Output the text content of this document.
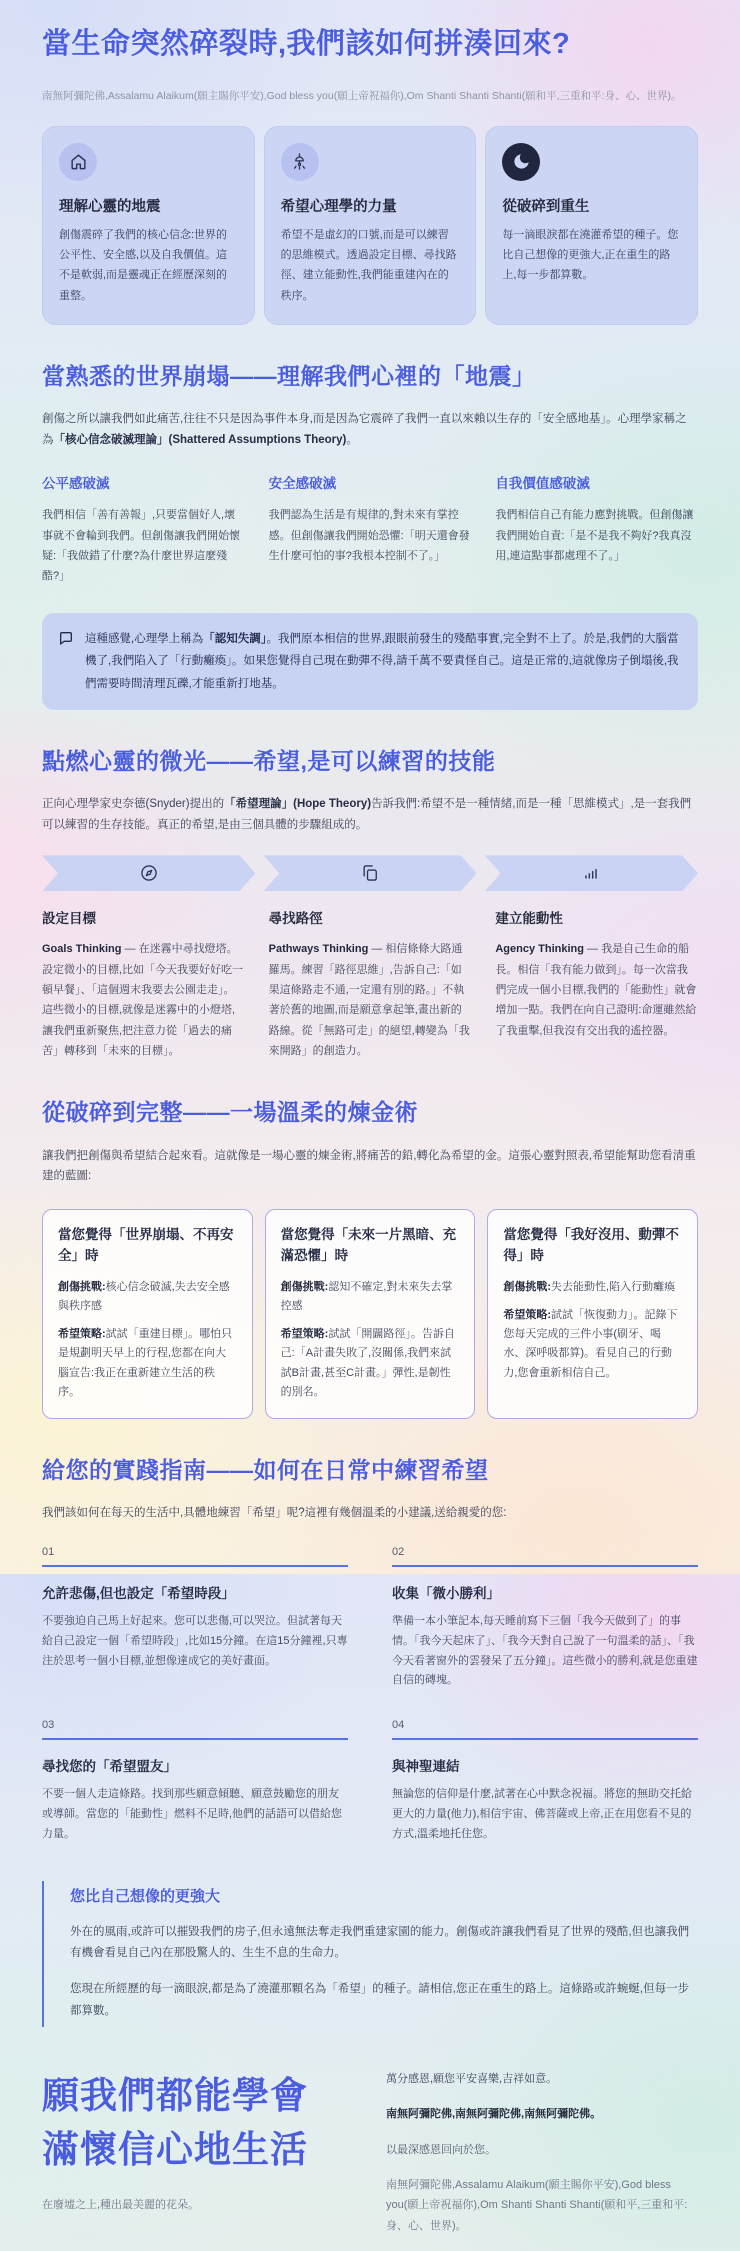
當生命突然碎裂時,我們該如何拼湊回來?

南無阿彌陀佛,Assalamu Alaikum(願主賜你平安),God bless you(願上帝祝福你),Om Shanti Shanti Shanti(願和平,三重和平:身、心、世界)。

理解心靈的地震

創傷震碎了我們的核心信念:世界的公平性、安全感,以及自我價值。這不是軟弱,而是靈魂正在經歷深刻的重整。

希望心理學的力量

希望不是虛幻的口號,而是可以練習的思維模式。透過設定目標、尋找路徑、建立能動性,我們能重建內在的秩序。

從破碎到重生

每一滴眼淚都在澆灌希望的種子。您比自己想像的更強大,正在重生的路上,每一步都算數。

當熟悉的世界崩塌——理解我們心裡的「地震」

創傷之所以讓我們如此痛苦,往往不只是因為事件本身,而是因為它震碎了我們一直以來賴以生存的「安全感地基」。心理學家稱之為「核心信念破滅理論」(Shattered Assumptions Theory)。

公平感破滅

我們相信「善有善報」,只要當個好人,壞事就不會輪到我們。但創傷讓我們開始懷疑:「我做錯了什麼?為什麼世界這麼殘酷?」

安全感破滅

我們認為生活是有規律的,對未來有掌控感。但創傷讓我們開始恐懼:「明天還會發生什麼可怕的事?我根本控制不了。」

自我價值感破滅

我們相信自己有能力應對挑戰。但創傷讓我們開始自責:「是不是我不夠好?我真沒用,連這點事都處理不了。」

這種感覺,心理學上稱為「認知失調」。我們原本相信的世界,跟眼前發生的殘酷事實,完全對不上了。於是,我們的大腦當機了,我們陷入了「行動癱瘓」。如果您覺得自己現在動彈不得,請千萬不要責怪自己。這是正常的,這就像房子倒塌後,我們需要時間清理瓦礫,才能重新打地基。

點燃心靈的微光——希望,是可以練習的技能

正向心理學家史奈德(Snyder)提出的「希望理論」(Hope Theory)告訴我們:希望不是一種情緒,而是一種「思維模式」,是一套我們可以練習的生存技能。真正的希望,是由三個具體的步驟組成的。

設定目標

Goals Thinking — 在迷霧中尋找燈塔。設定微小的目標,比如「今天我要好好吃一頓早餐」、「這個週末我要去公園走走」。這些微小的目標,就像是迷霧中的小燈塔,讓我們重新聚焦,把注意力從「過去的痛苦」轉移到「未來的目標」。

尋找路徑

Pathways Thinking — 相信條條大路通羅馬。練習「路徑思維」,告訴自己:「如果這條路走不通,一定還有別的路。」不執著於舊的地圖,而是願意拿起筆,畫出新的路線。從「無路可走」的絕望,轉變為「我來開路」的創造力。

建立能動性

Agency Thinking — 我是自己生命的船長。相信「我有能力做到」。每一次當我們完成一個小目標,我們的「能動性」就會增加一點。我們在向自己證明:命運雖然給了我重擊,但我沒有交出我的遙控器。

從破碎到完整——一場溫柔的煉金術

讓我們把創傷與希望結合起來看。這就像是一場心靈的煉金術,將痛苦的鉛,轉化為希望的金。這張心靈對照表,希望能幫助您看清重建的藍圖:

當您覺得「世界崩塌、不再安全」時

創傷挑戰:核心信念破滅,失去安全感與秩序感

希望策略:試試「重建目標」。哪怕只是規劃明天早上的行程,您都在向大腦宣告:我正在重新建立生活的秩序。

當您覺得「未來一片黑暗、充滿恐懼」時

創傷挑戰:認知不確定,對未來失去掌控感

希望策略:試試「開闢路徑」。告訴自己:「A計畫失敗了,沒關係,我們來試試B計畫,甚至C計畫。」彈性,是韌性的別名。

當您覺得「我好沒用、動彈不得」時

創傷挑戰:失去能動性,陷入行動癱瘓

希望策略:試試「恢復動力」。記錄下您每天完成的三件小事(刷牙、喝水、深呼吸都算)。看見自己的行動力,您會重新相信自己。

給您的實踐指南——如何在日常中練習希望

我們該如何在每天的生活中,具體地練習「希望」呢?這裡有幾個溫柔的小建議,送給親愛的您:

01
允許悲傷,但也設定「希望時段」

不要強迫自己馬上好起來。您可以悲傷,可以哭泣。但試著每天給自己設定一個「希望時段」,比如15分鐘。在這15分鐘裡,只專注於思考一個小目標,並想像達成它的美好畫面。

02
收集「微小勝利」

準備一本小筆記本,每天睡前寫下三個「我今天做到了」的事情。「我今天起床了」、「我今天對自己說了一句溫柔的話」、「我今天看著窗外的雲發呆了五分鐘」。這些微小的勝利,就是您重建自信的磚塊。

03
尋找您的「希望盟友」

不要一個人走這條路。找到那些願意傾聽、願意鼓勵您的朋友或導師。當您的「能動性」燃料不足時,他們的話語可以借給您力量。

04
與神聖連結

無論您的信仰是什麼,試著在心中默念祝福。將您的無助交托給更大的力量(他力),相信宇宙、佛菩薩或上帝,正在用您看不見的方式,溫柔地托住您。

您比自己想像的更強大

外在的風雨,或許可以摧毀我們的房子,但永遠無法奪走我們重建家園的能力。創傷或許讓我們看見了世界的殘酷,但也讓我們有機會看見自己內在那股驚人的、生生不息的生命力。

您現在所經歷的每一滴眼淚,都是為了澆灌那顆名為「希望」的種子。請相信,您正在重生的路上。這條路或許蜿蜒,但每一步都算數。

願我們都能學會
滿懷信心地生活

在廢墟之上,種出最美麗的花朵。

萬分感恩,願您平安喜樂,吉祥如意。

南無阿彌陀佛,南無阿彌陀佛,南無阿彌陀佛。

以最深感恩回向於您。

南無阿彌陀佛,Assalamu Alaikum(願主賜你平安),God bless you(願上帝祝福你),Om Shanti Shanti Shanti(願和平,三重和平:身、心、世界)。
